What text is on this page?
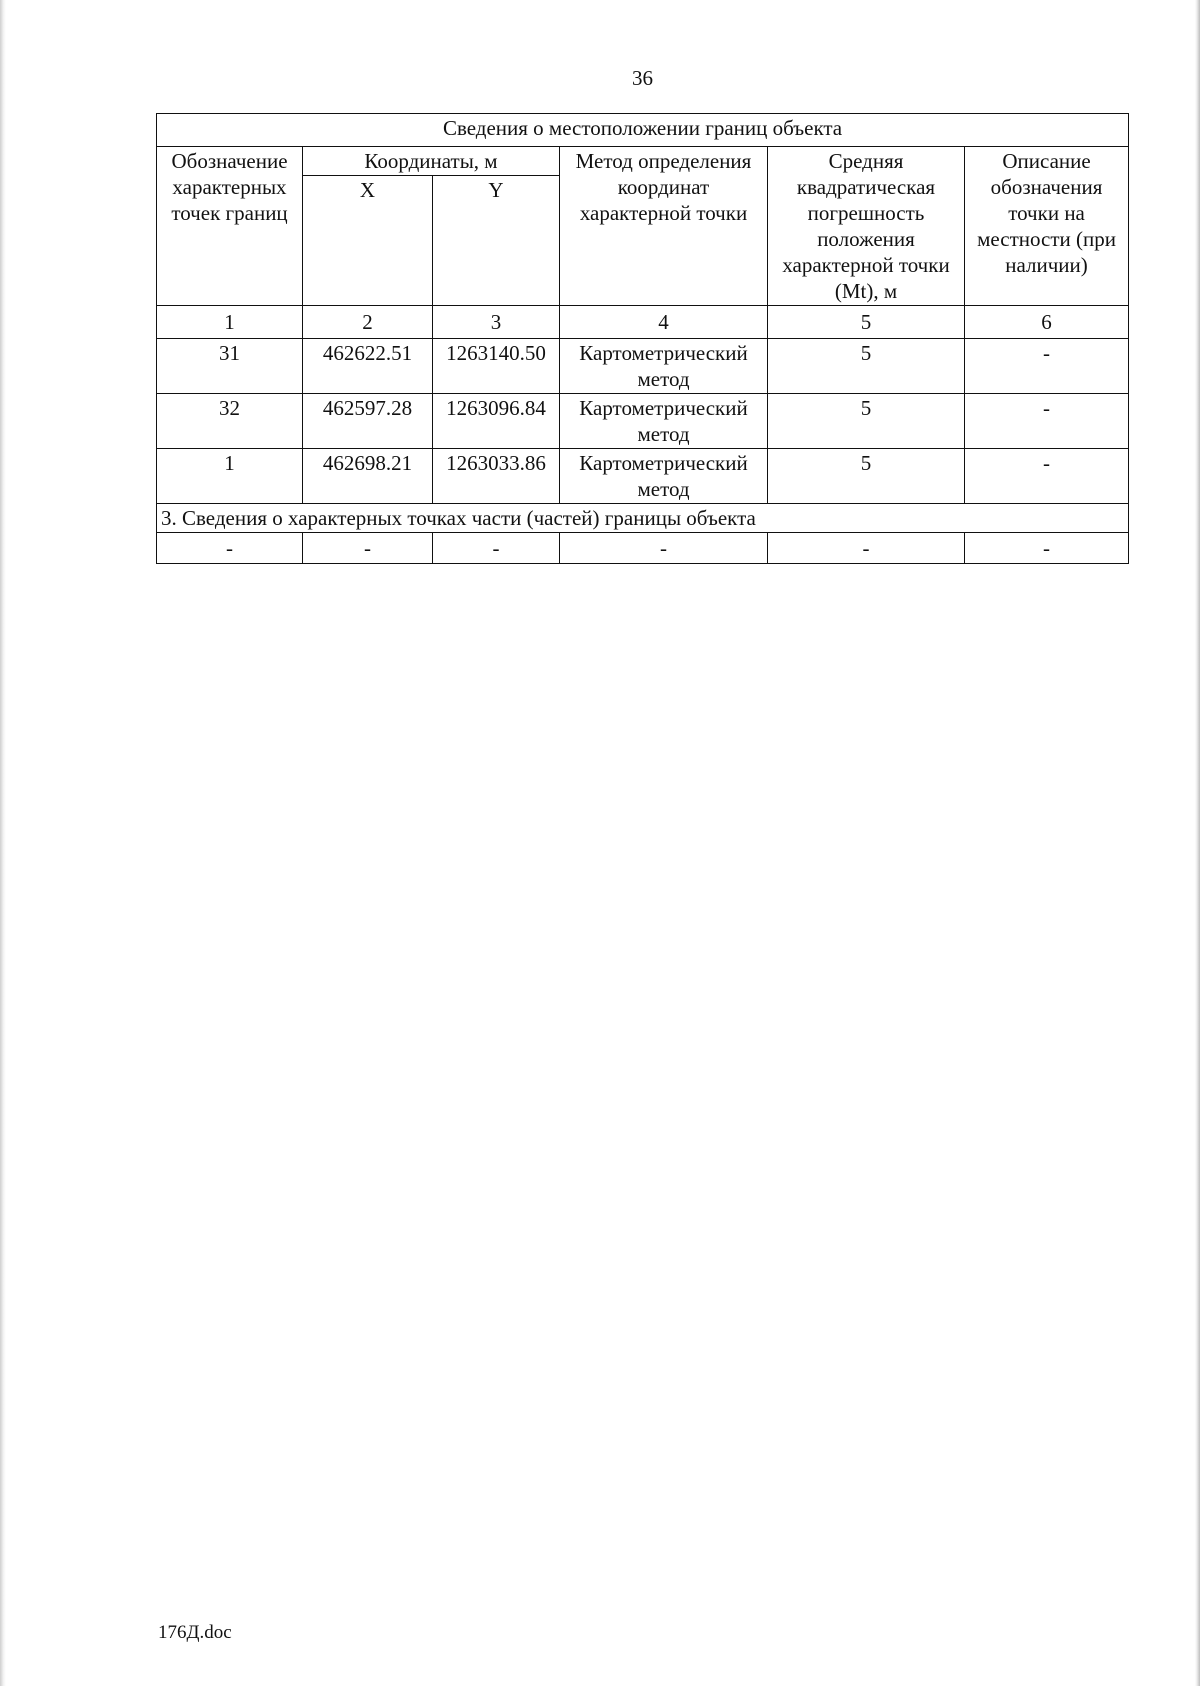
36
Сведения о местоположении границ объекта					
Обозначение характерных точек границ	Координаты, м		Метод определения координат характерной точки	Средняя квадратическая погрешность положения характерной точки (Mt), м	Описание обозначения точки на местности (при наличии)
	X	Y			
1	2	3	4	5	6
31	462622.51	1263140.50	Картометрический метод	5	-
32	462597.28	1263096.84	Картометрический метод	5	-
1	462698.21	1263033.86	Картометрический метод	5	-
3. Сведения о характерных точках части (частей) границы объекта					
-	-	-	-	-	-
176Д.doc
